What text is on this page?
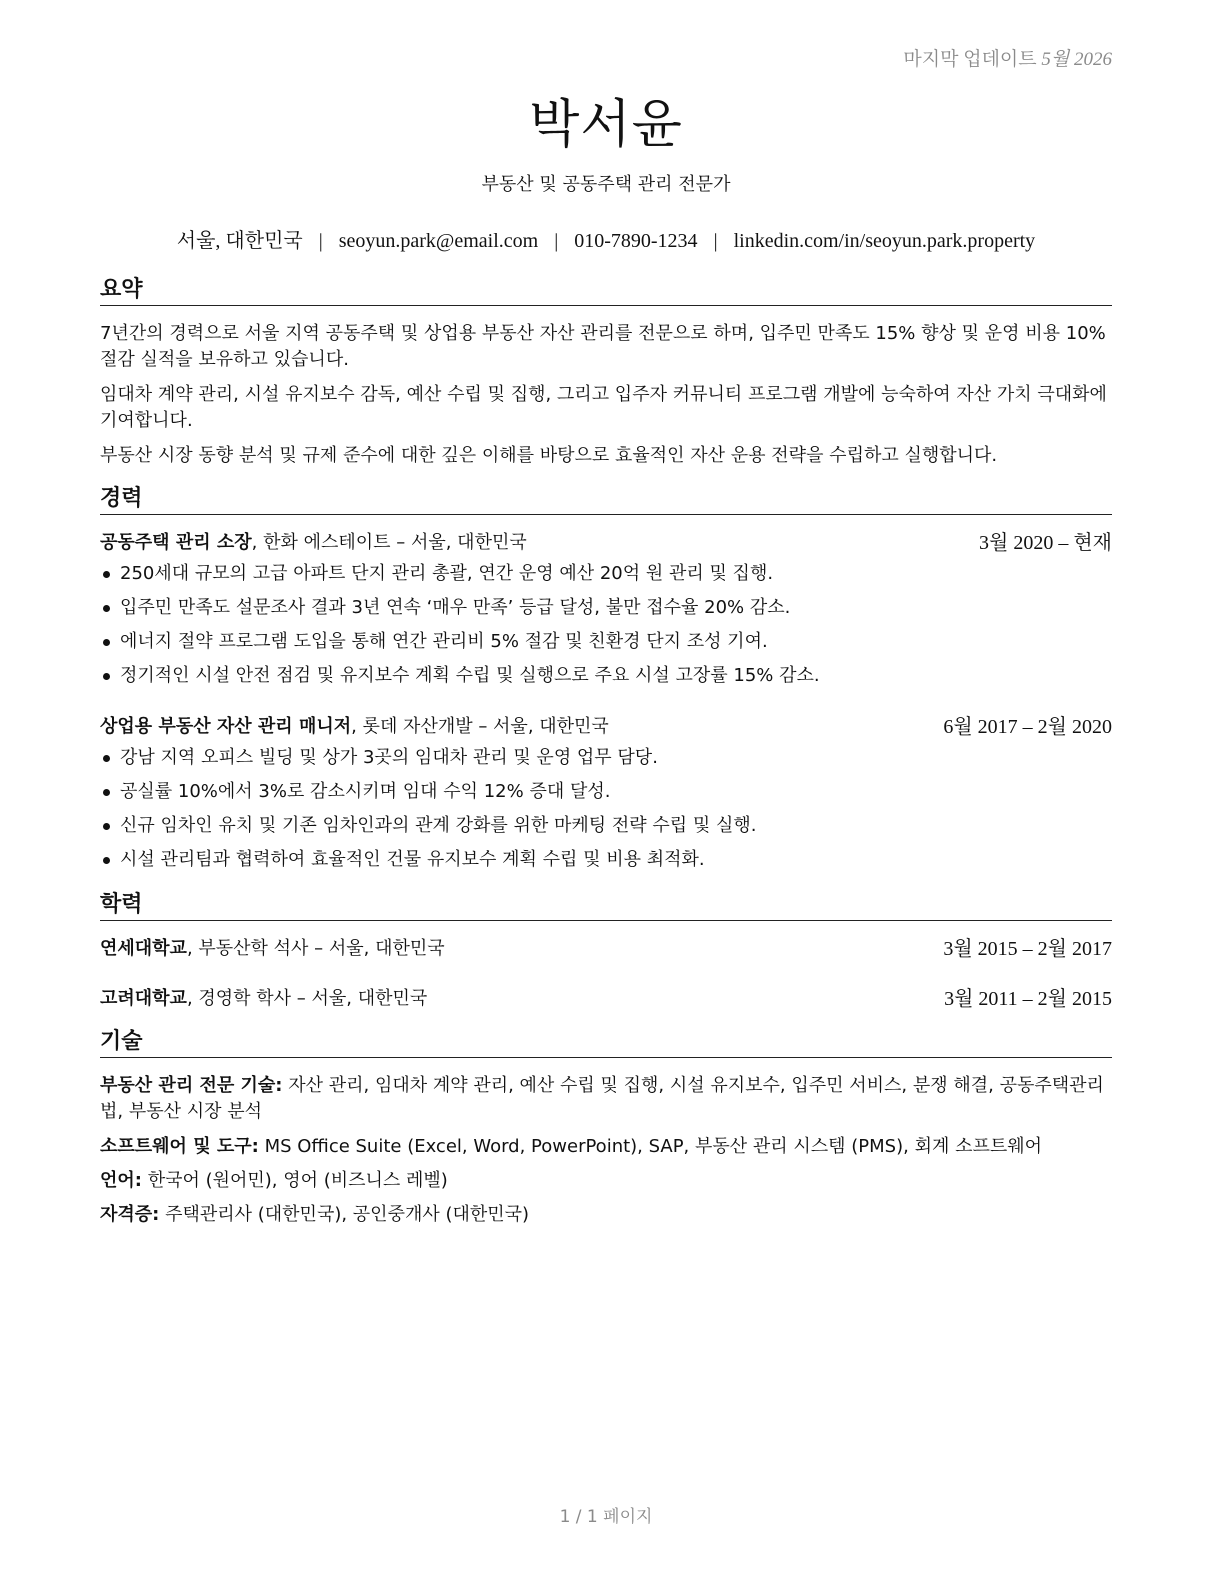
마지막 업데이트 5월 2026
박서윤
부동산 및 공동주택 관리 전문가
서울, 대한민국 | seoyun.park@email.com | 010-7890-1234 | linkedin.com/in/seoyun.park.property
요약
7년간의 경력으로 서울 지역 공동주택 및 상업용 부동산 자산 관리를 전문으로 하며, 입주민 만족도 15% 향상 및 운영 비용 10% 절감 실적을 보유하고 있습니다.
임대차 계약 관리, 시설 유지보수 감독, 예산 수립 및 집행, 그리고 입주자 커뮤니티 프로그램 개발에 능숙하여 자산 가치 극대화에 기여합니다.
부동산 시장 동향 분석 및 규제 준수에 대한 깊은 이해를 바탕으로 효율적인 자산 운용 전략을 수립하고 실행합니다.
경력
공동주택 관리 소장, 한화 에스테이트 – 서울, 대한민국	3월 2020 – 현재
250세대 규모의 고급 아파트 단지 관리 총괄, 연간 운영 예산 20억 원 관리 및 집행.
입주민 만족도 설문조사 결과 3년 연속 ‘매우 만족’ 등급 달성, 불만 접수율 20% 감소.
에너지 절약 프로그램 도입을 통해 연간 관리비 5% 절감 및 친환경 단지 조성 기여.
정기적인 시설 안전 점검 및 유지보수 계획 수립 및 실행으로 주요 시설 고장률 15% 감소.
상업용 부동산 자산 관리 매니저, 롯데 자산개발 – 서울, 대한민국	6월 2017 – 2월 2020
강남 지역 오피스 빌딩 및 상가 3곳의 임대차 관리 및 운영 업무 담당.
공실률 10%에서 3%로 감소시키며 임대 수익 12% 증대 달성.
신규 임차인 유치 및 기존 임차인과의 관계 강화를 위한 마케팅 전략 수립 및 실행.
시설 관리팀과 협력하여 효율적인 건물 유지보수 계획 수립 및 비용 최적화.
학력
연세대학교, 부동산학 석사 – 서울, 대한민국	3월 2015 – 2월 2017
고려대학교, 경영학 학사 – 서울, 대한민국	3월 2011 – 2월 2015
기술
부동산 관리 전문 기술: 자산 관리, 임대차 계약 관리, 예산 수립 및 집행, 시설 유지보수, 입주민 서비스, 분쟁 해결, 공동주택관리법, 부동산 시장 분석
소프트웨어 및 도구: MS Office Suite (Excel, Word, PowerPoint), SAP, 부동산 관리 시스템 (PMS), 회계 소프트웨어
언어: 한국어 (원어민), 영어 (비즈니스 레벨)
자격증: 주택관리사 (대한민국), 공인중개사 (대한민국)
1 / 1 페이지
